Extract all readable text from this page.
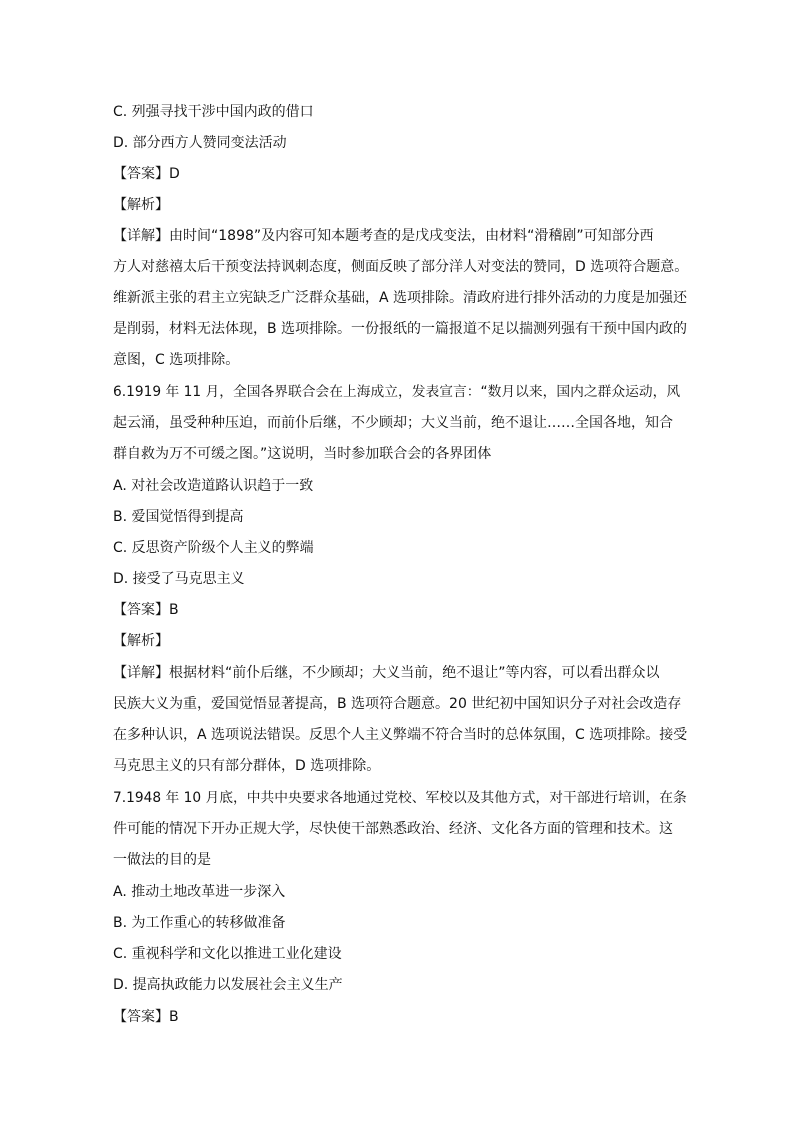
C. 列强寻找干涉中国内政的借口
D. 部分西方人赞同变法活动
【答案】D
【解析】
【详解】由时间“1898”及内容可知本题考查的是戊戌变法，由材料“滑稽剧”可知部分西
方人对慈禧太后干预变法持讽刺态度，侧面反映了部分洋人对变法的赞同，D 选项符合题意。
维新派主张的君主立宪缺乏广泛群众基础，A 选项排除。清政府进行排外活动的力度是加强还
是削弱，材料无法体现，B 选项排除。一份报纸的一篇报道不足以揣测列强有干预中国内政的
意图，C 选项排除。
6.1919 年 11 月，全国各界联合会在上海成立，发表宣言：“数月以来，国内之群众运动，风
起云涌，虽受种种压迫，而前仆后继，不少顾却；大义当前，绝不退让……全国各地，知合
群自救为万不可缓之图。”这说明，当时参加联合会的各界团体
A. 对社会改造道路认识趋于一致
B. 爱国觉悟得到提高
C. 反思资产阶级个人主义的弊端
D. 接受了马克思主义
【答案】B
【解析】
【详解】根据材料“前仆后继，不少顾却；大义当前，绝不退让”等内容，可以看出群众以
民族大义为重，爱国觉悟显著提高，B 选项符合题意。20 世纪初中国知识分子对社会改造存
在多种认识，A 选项说法错误。反思个人主义弊端不符合当时的总体氛围，C 选项排除。接受
马克思主义的只有部分群体，D 选项排除。
7.1948 年 10 月底，中共中央要求各地通过党校、军校以及其他方式，对干部进行培训，在条
件可能的情况下开办正规大学，尽快使干部熟悉政治、经济、文化各方面的管理和技术。这
一做法的目的是
A. 推动土地改革进一步深入
B. 为工作重心的转移做准备
C. 重视科学和文化以推进工业化建设
D. 提高执政能力以发展社会主义生产
【答案】B
